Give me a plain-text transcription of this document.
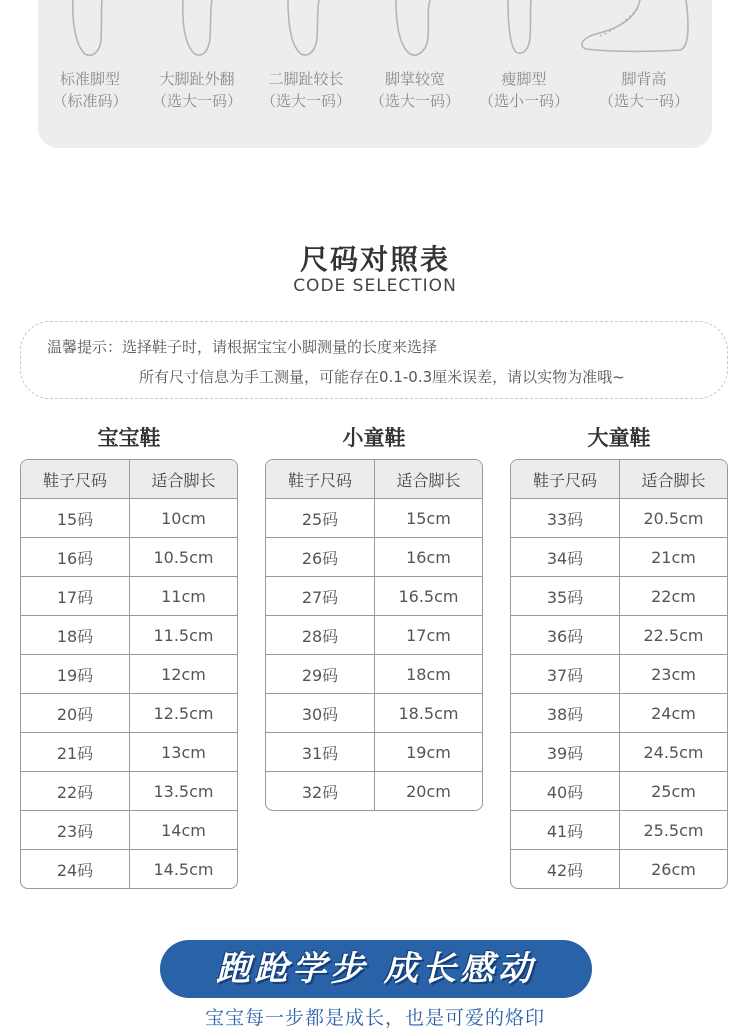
标准脚型
（标准码）
大脚趾外翻
（选大一码）
二脚趾较长
（选大一码）
脚掌较宽
（选大一码）
瘦脚型
（选小一码）
脚背高
（选大一码）
尺码对照表
CODE SELECTION
温馨提示：选择鞋子时，请根据宝宝小脚测量的长度来选择
所有尺寸信息为手工测量，可能存在0.1-0.3厘米误差，请以实物为准哦~
宝宝鞋
鞋子尺码	适合脚长
15码	10cm
16码	10.5cm
17码	11cm
18码	11.5cm
19码	12cm
20码	12.5cm
21码	13cm
22码	13.5cm
23码	14cm
24码	14.5cm
小童鞋
鞋子尺码	适合脚长
25码	15cm
26码	16cm
27码	16.5cm
28码	17cm
29码	18cm
30码	18.5cm
31码	19cm
32码	20cm
大童鞋
鞋子尺码	适合脚长
33码	20.5cm
34码	21cm
35码	22cm
36码	22.5cm
37码	23cm
38码	24cm
39码	24.5cm
40码	25cm
41码	25.5cm
42码	26cm
跑跄学步 成长感动
宝宝每一步都是成长，也是可爱的烙印
